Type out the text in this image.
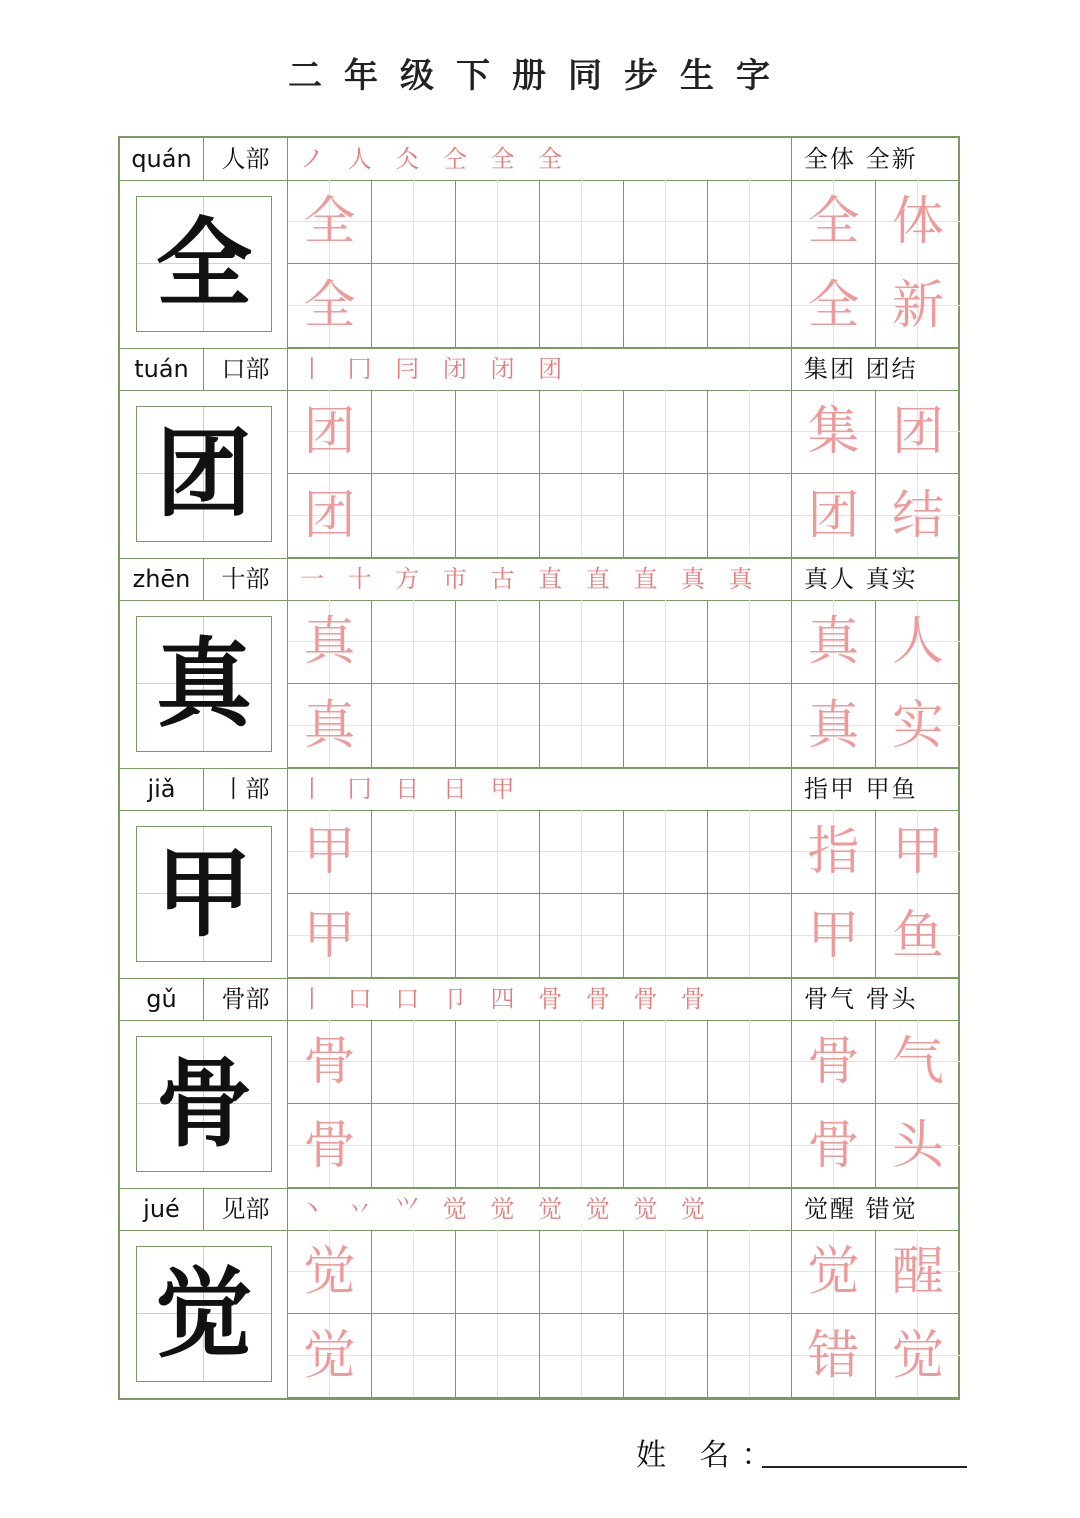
二年级下册同步生字
quán	人部	ノ 人 仌 仝 全 全	全体 全新
全 全	全 体
全	全 新
tuán	口部	丨 冂 冃 闭 闭 团	集团 团结
团 团	集 团
团	团 结
zhēn	十部	一 十 方 市 古 直 直 直 真 真	真人 真实
真 真	真 人
真	真 实
jiǎ	丨部	丨 冂 日 日 甲	指甲 甲鱼
甲 甲	指 甲
甲	甲 鱼
gǔ	骨部	丨 口 口 卩 四 骨 骨 骨 骨	骨气 骨头
骨 骨	骨 气
骨	骨 头
jué	见部	丶 丷 ⺍ 觉 觉 觉 觉 觉 觉	觉醒 错觉
觉 觉	觉 醒
觉	错 觉
姓 名：
